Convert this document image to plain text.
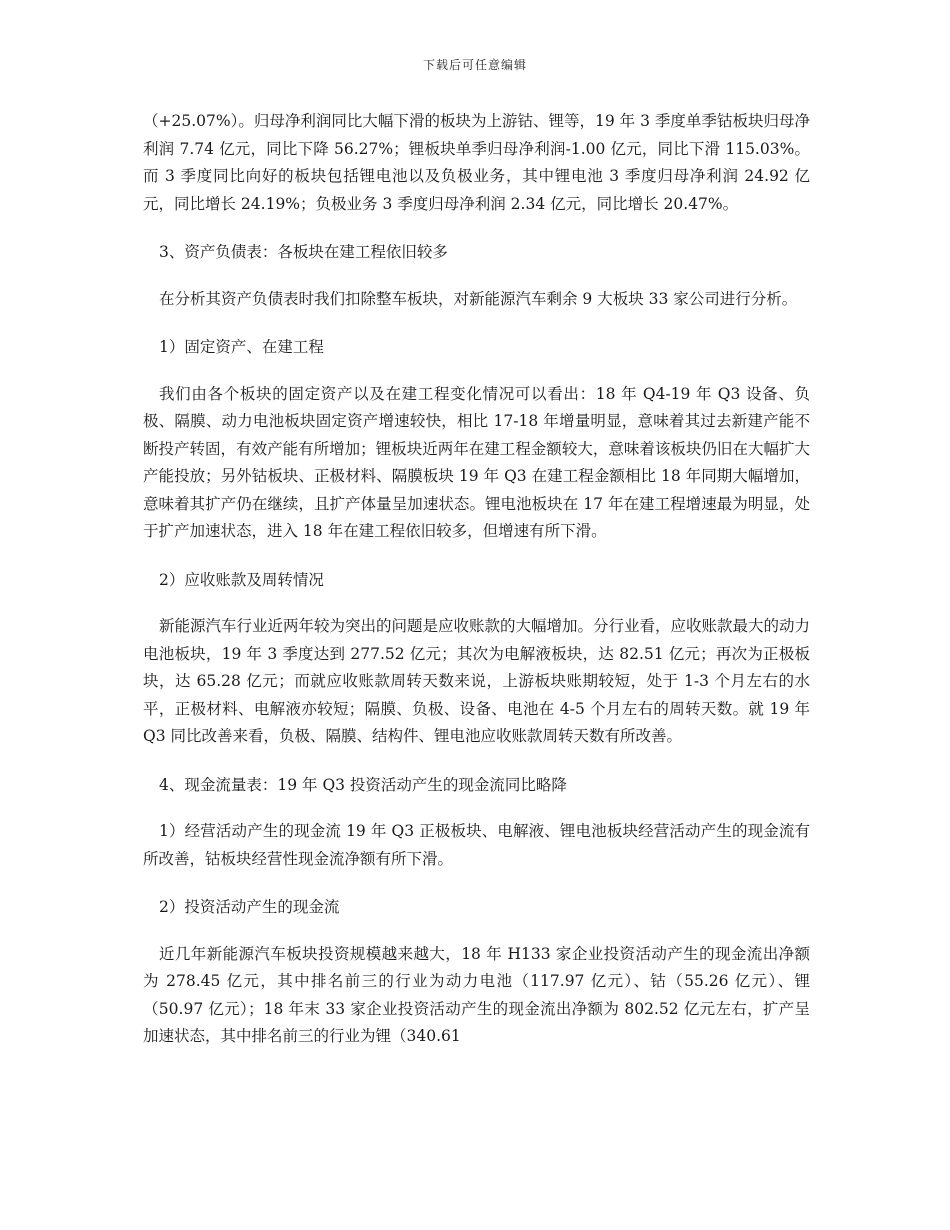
下载后可任意编辑

（+25.07%）。归母净利润同比大幅下滑的板块为上游钴、锂等，19 年 3 季度单季钴板块归母净利润 7.74 亿元，同比下降 56.27%；锂板块单季归母净利润-1.00 亿元，同比下滑 115.03%。而 3 季度同比向好的板块包括锂电池以及负极业务，其中锂电池 3 季度归母净利润 24.92 亿元，同比增长 24.19%；负极业务 3 季度归母净利润 2.34 亿元，同比增长 20.47%。

3、资产负债表：各板块在建工程依旧较多

在分析其资产负债表时我们扣除整车板块，对新能源汽车剩余 9 大板块 33 家公司进行分析。

1）固定资产、在建工程

我们由各个板块的固定资产以及在建工程变化情况可以看出：18 年 Q4-19 年 Q3 设备、负极、隔膜、动力电池板块固定资产增速较快，相比 17-18 年增量明显，意味着其过去新建产能不断投产转固，有效产能有所增加；锂板块近两年在建工程金额较大，意味着该板块仍旧在大幅扩大产能投放；另外钴板块、正极材料、隔膜板块 19 年 Q3 在建工程金额相比 18 年同期大幅增加，意味着其扩产仍在继续，且扩产体量呈加速状态。锂电池板块在 17 年在建工程增速最为明显，处于扩产加速状态，进入 18 年在建工程依旧较多，但增速有所下滑。

2）应收账款及周转情况

新能源汽车行业近两年较为突出的问题是应收账款的大幅增加。分行业看，应收账款最大的动力电池板块，19 年 3 季度达到 277.52 亿元；其次为电解液板块，达 82.51 亿元；再次为正极板块，达 65.28 亿元；而就应收账款周转天数来说，上游板块账期较短，处于 1-3 个月左右的水平，正极材料、电解液亦较短；隔膜、负极、设备、电池在 4-5 个月左右的周转天数。就 19 年 Q3 同比改善来看，负极、隔膜、结构件、锂电池应收账款周转天数有所改善。

4、现金流量表：19 年 Q3 投资活动产生的现金流同比略降

1）经营活动产生的现金流 19 年 Q3 正极板块、电解液、锂电池板块经营活动产生的现金流有所改善，钴板块经营性现金流净额有所下滑。

2）投资活动产生的现金流

近几年新能源汽车板块投资规模越来越大，18 年 H133 家企业投资活动产生的现金流出净额为 278.45 亿元，其中排名前三的行业为动力电池（117.97 亿元）、钴（55.26 亿元）、锂（50.97 亿元）；18 年末 33 家企业投资活动产生的现金流出净额为 802.52 亿元左右，扩产呈加速状态，其中排名前三的行业为锂（340.61
